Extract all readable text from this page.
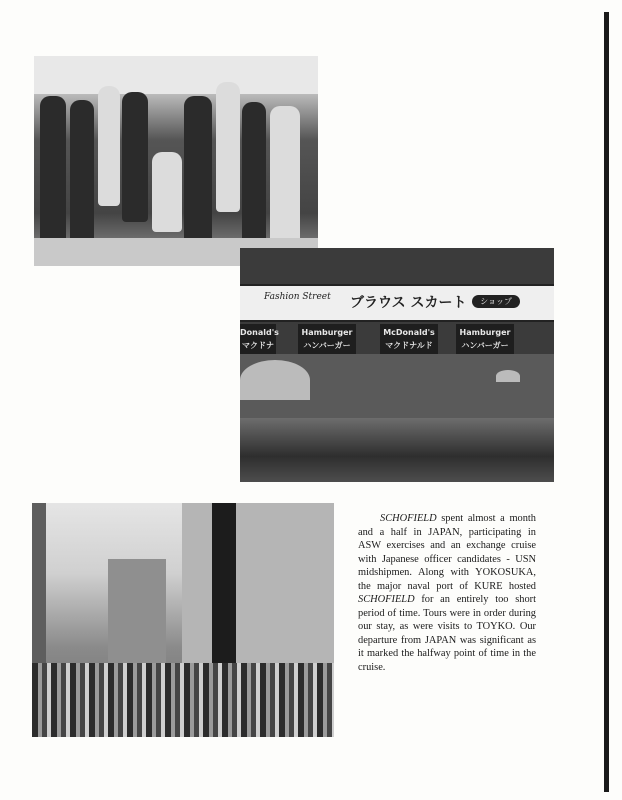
Fashion Street ブラウス スカート	ショップ
Donald's
マクドナ
Hamburger
ハンバーガー
McDonald's
マクドナルド
Hamburger
ハンバーガー

SCHOFIELD spent almost a month and a half in JAPAN, participating in ASW exercises and an exchange cruise with Japanese officer candidates - USN midshipmen. Along with YOKOSUKA, the major naval port of KURE hosted SCHOFIELD for an entirely too short period of time. Tours were in order during our stay, as were visits to TOYKO. Our departure from JAPAN was significant as it marked the halfway point of time in the cruise.
